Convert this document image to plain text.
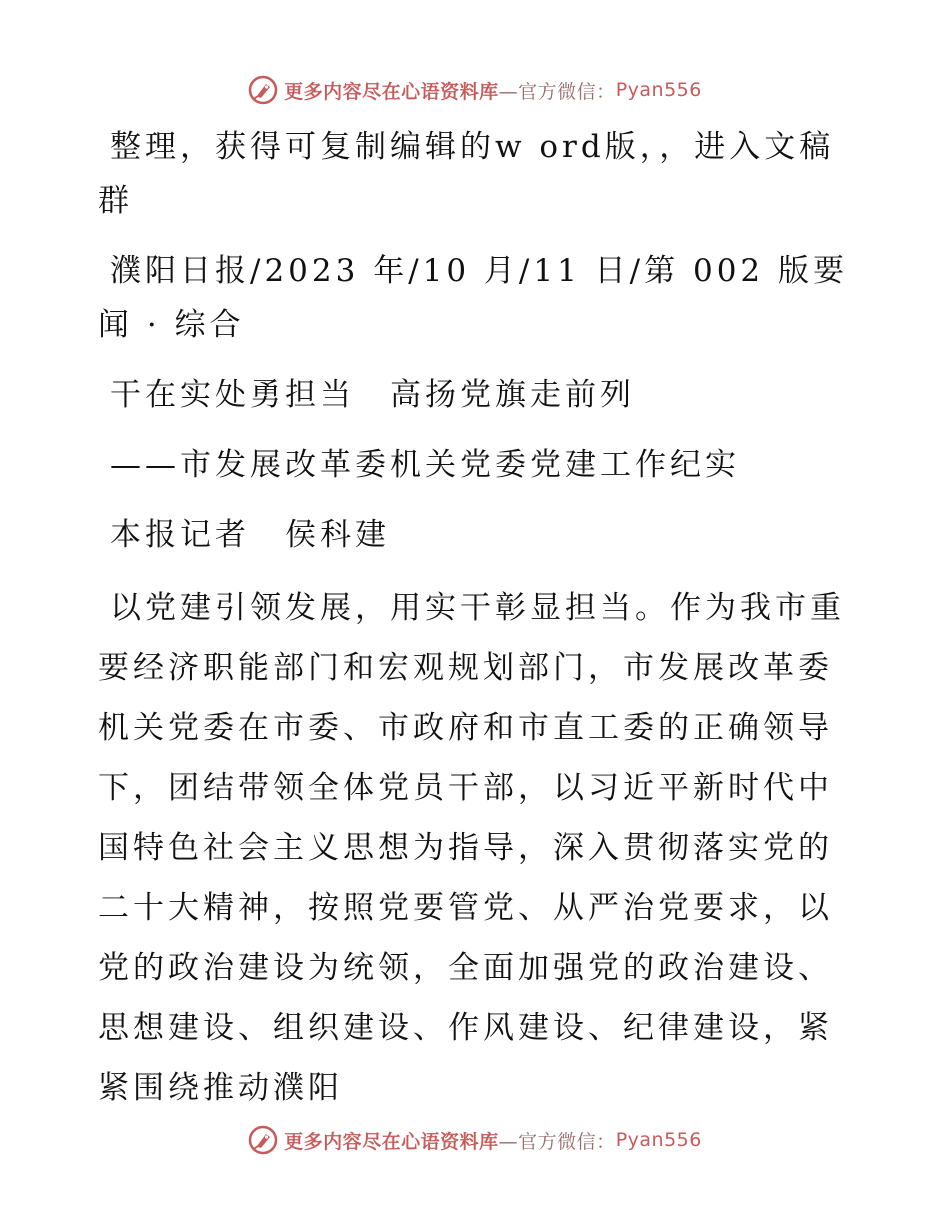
更多内容尽在心语资料库 —官方微信： Pyan556

整理，获得可复制编辑的w ord版，，进入文稿群

濮阳日报/2023 年/10 月/11 日/第 002 版要闻 · 综合

干在实处勇担当　高扬党旗走前列

——市发展改革委机关党委党建工作纪实

本报记者　侯科建

以党建引领发展，用实干彰显担当。作为我市重要经济职能部门和宏观规划部门，市发展改革委机关党委在市委、市政府和市直工委的正确领导下，团结带领全体党员干部，以习近平新时代中国特色社会主义思想为指导，深入贯彻落实党的二十大精神，按照党要管党、从严治党要求，以党的政治建设为统领，全面加强党的政治建设、思想建设、组织建设、作风建设、纪律建设，紧紧围绕推动濮阳

更多内容尽在心语资料库 —官方微信： Pyan556
